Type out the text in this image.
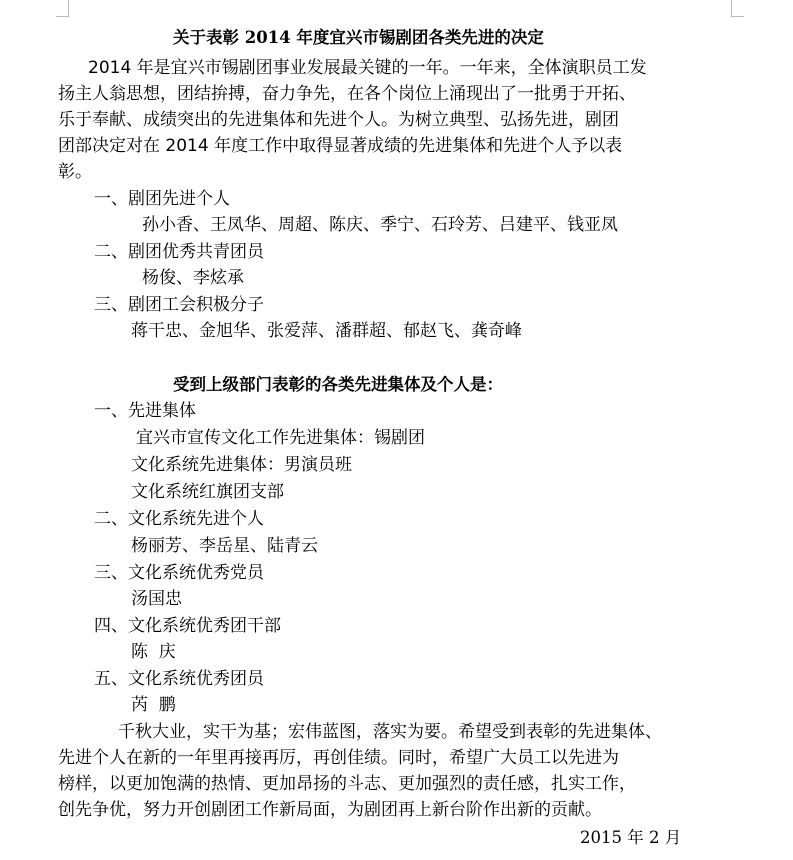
关于表彰 2014 年度宜兴市锡剧团各类先进的决定
2014 年是宜兴市锡剧团事业发展最关键的一年。一年来，全体演职员工发
扬主人翁思想，团结拚搏，奋力争先，在各个岗位上涌现出了一批勇于开拓、
乐于奉献、成绩突出的先进集体和先进个人。为树立典型、弘扬先进，剧团
团部决定对在 2014 年度工作中取得显著成绩的先进集体和先进个人予以表
彰。
一、剧团先进个人
孙小香、王凤华、周超、陈庆、季宁、石玲芳、吕建平、钱亚凤
二、剧团优秀共青团员
杨俊、李炫承
三、剧团工会积极分子
蒋干忠、金旭华、张爱萍、潘群超、郁赵飞、龚奇峰
受到上级部门表彰的各类先进集体及个人是：
一、先进集体
宜兴市宣传文化工作先进集体：锡剧团
文化系统先进集体：男演员班
文化系统红旗团支部
二、文化系统先进个人
杨丽芳、李岳星、陆青云
三、文化系统优秀党员
汤国忠
四、文化系统优秀团干部
陈  庆
五、文化系统优秀团员
芮  鹏
千秋大业，实干为基；宏伟蓝图，落实为要。希望受到表彰的先进集体、
先进个人在新的一年里再接再厉，再创佳绩。同时，希望广大员工以先进为
榜样，以更加饱满的热情、更加昂扬的斗志、更加强烈的责任感，扎实工作，
创先争优，努力开创剧团工作新局面，为剧团再上新台阶作出新的贡献。
2015 年 2 月
